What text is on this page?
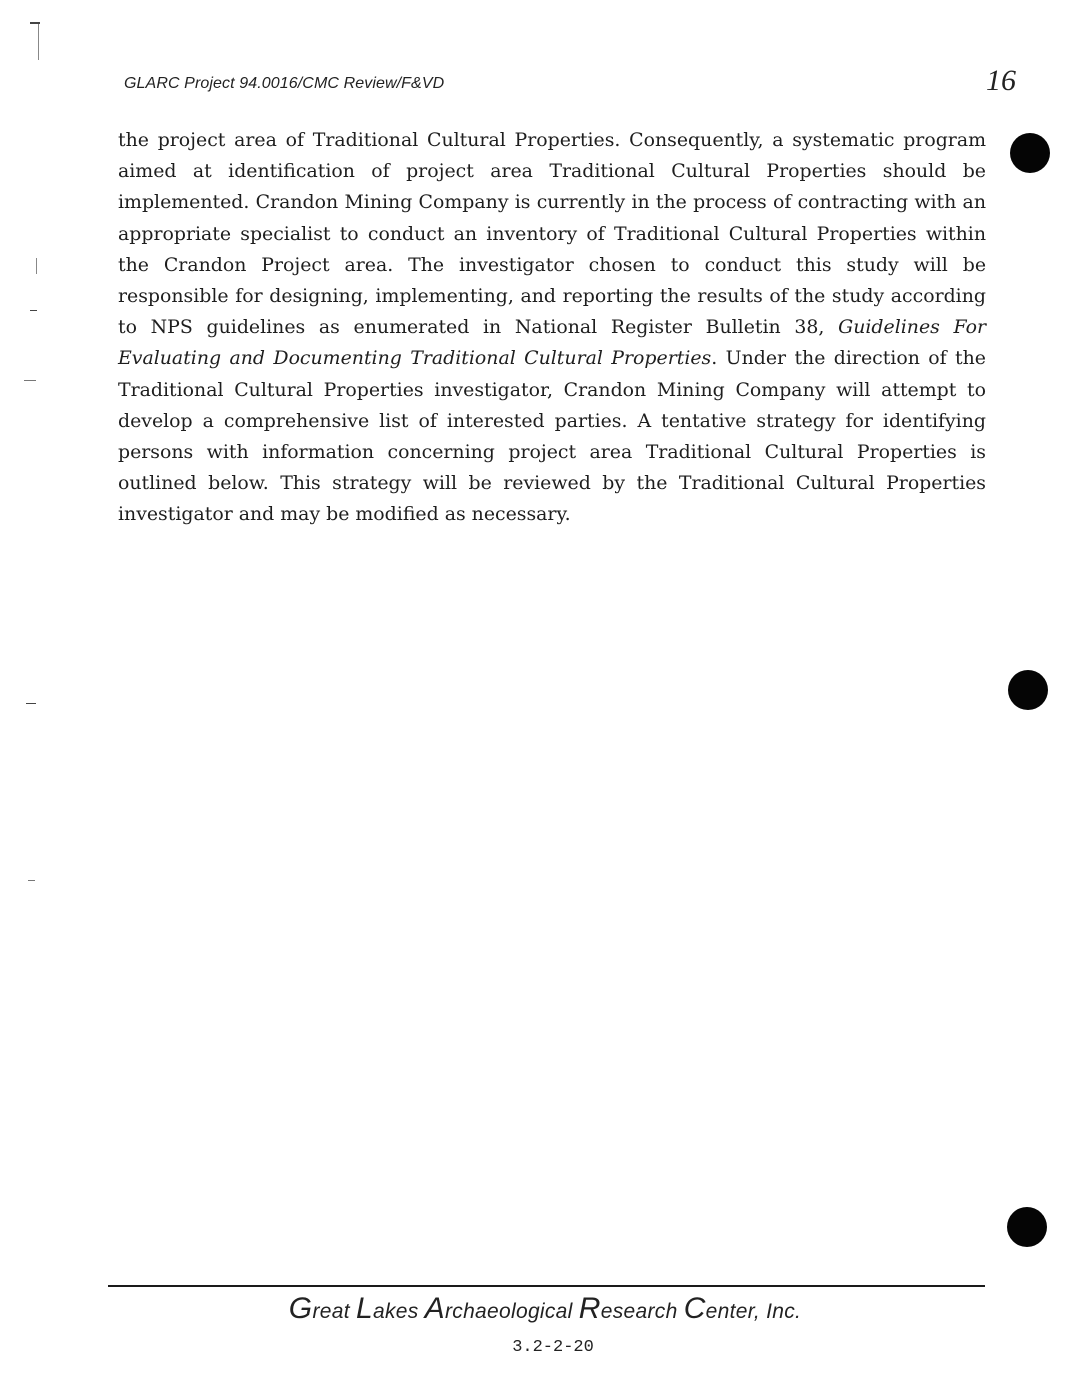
GLARC Project 94.0016/CMC Review/F&VD	16

the project area of Traditional Cultural Properties. Consequently, a systematic program aimed at identification of project area Traditional Cultural Properties should be implemented. Crandon Mining Company is currently in the process of contracting with an appropriate specialist to conduct an inventory of Traditional Cultural Properties within the Crandon Project area. The investigator chosen to conduct this study will be responsible for designing, implementing, and reporting the results of the study according to NPS guidelines as enumerated in National Register Bulletin 38, Guidelines For Evaluating and Documenting Traditional Cultural Properties. Under the direction of the Traditional Cultural Properties investigator, Crandon Mining Company will attempt to develop a comprehensive list of interested parties. A tentative strategy for identifying persons with information concerning project area Traditional Cultural Properties is outlined below. This strategy will be reviewed by the Traditional Cultural Properties investigator and may be modified as necessary.

Great Lakes Archaeological Research Center, Inc.
3.2-2-20
